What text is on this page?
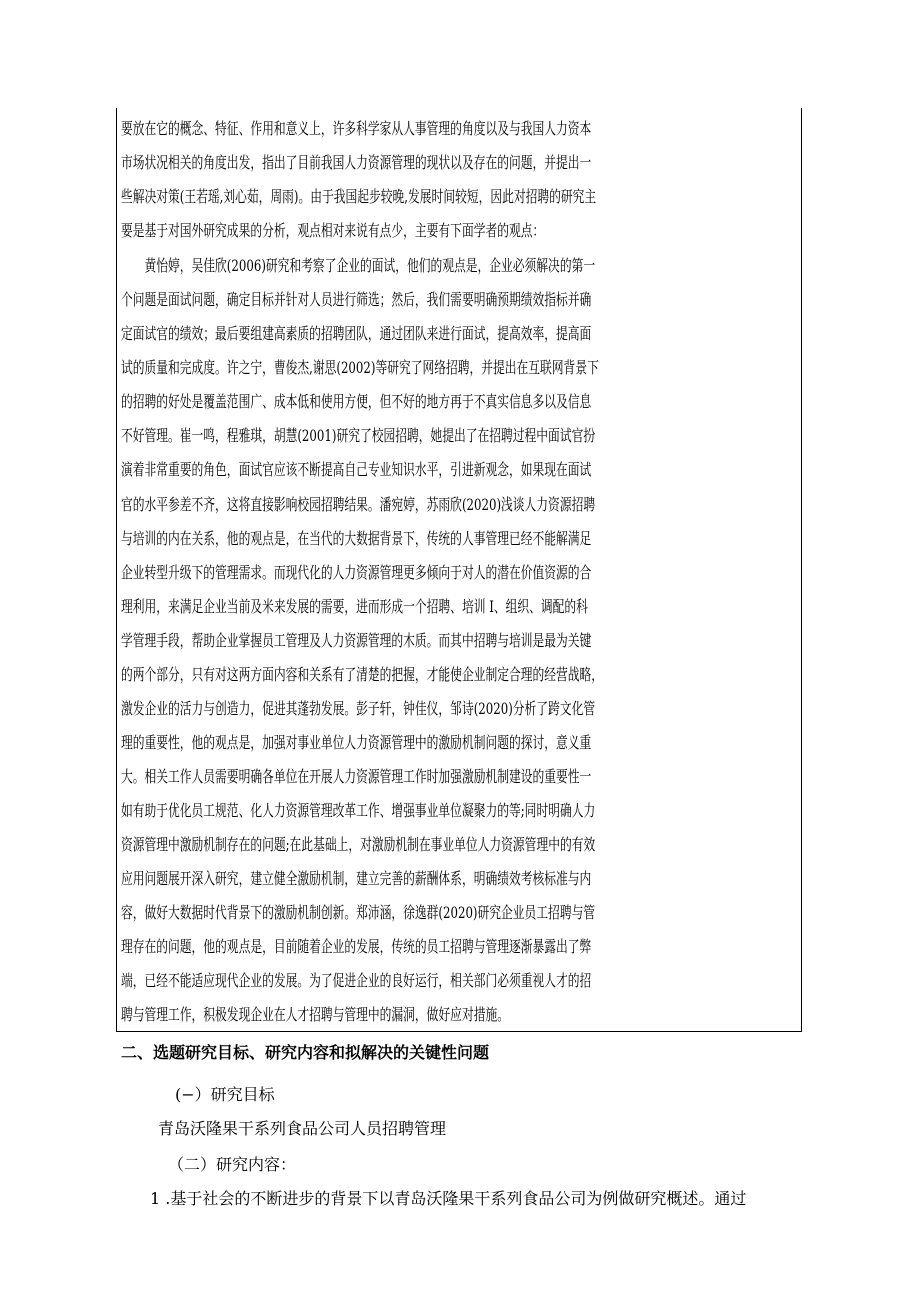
要放在它的概念、特征、作用和意义上，许多科学家从人事管理的角度以及与我国人力资本
市场状况相关的角度出发，指出了目前我国人力资源管理的现状以及存在的问题，并提出一
些解决对策(王若瑶,刘心茹，周雨)。由于我国起步较晚,发展时间较短，因此对招聘的研究主
要是基于对国外研究成果的分析，观点相对来说有点少，主要有下面学者的观点：
　　黄怡婷，吴佳欣(2006)研究和考察了企业的面试，他们的观点是，企业必须解决的第一
个问题是面试问题，确定目标并针对人员进行筛选；然后，我们需要明确预期绩效指标并确
定面试官的绩效；最后要组建高素质的招聘团队，通过团队来进行面试，提高效率，提高面
试的质量和完成度。许之宁，曹俊杰,谢思(2002)等研究了网络招聘，并提出在互联网背景下
的招聘的好处是覆盖范围广、成本低和使用方便，但不好的地方再于不真实信息多以及信息
不好管理。崔一鸣，程雅琪，胡慧(2001)研究了校园招聘，她提出了在招聘过程中面试官扮
演着非常重要的角色，面试官应该不断提高自己专业知识水平，引进新观念，如果现在面试
官的水平参差不齐，这将直接影响校园招聘结果。潘宛婷，苏雨欣(2020)浅谈人力资源招聘
与培训的内在关系，他的观点是，在当代的大数据背景下，传统的人事管理已经不能解满足
企业转型升级下的管理需求。而现代化的人力资源管理更多倾向于对人的潜在价值资源的合
理利用，来满足企业当前及米来发展的需要，进而形成一个招聘、培训 I、组织、调配的科
学管理手段，帮助企业掌握员工管理及人力资源管理的木质。而其中招聘与培训是最为关键
的两个部分，只有对这两方面内容和关系有了清楚的把握，才能使企业制定合理的经营战略，
激发企业的活力与创造力，促进其蓬勃发展。彭子轩，钟佳仪，邹诗(2020)分析了跨文化管
理的重要性，他的观点是，加强对事业单位人力资源管理中的激励机制问题的探讨，意义重
大。相关工作人员需要明确各单位在开展人力资源管理工作时加强激励机制建设的重要性一
如有助于优化员工规范、化人力资源管理改革工作、增强事业单位凝聚力的等;同时明确人力
资源管理中激励机制存在的问题;在此基础上，对激励机制在事业单位人力资源管理中的有效
应用问题展开深入研究，建立健全激励机制，建立完善的薪酬体系，明确绩效考核标准与内
容，做好大数据时代背景下的激励机制创新。郑沛涵，徐逸群(2020)研究企业员工招聘与管
理存在的问题，他的观点是，目前随着企业的发展，传统的员工招聘与管理逐渐暴露出了弊
端，已经不能适应现代企业的发展。为了促进企业的良好运行，相关部门必须重视人才的招
聘与管理工作，积极发现企业在人才招聘与管理中的漏洞，做好应对措施。
二、选题研究目标、研究内容和拟解决的关键性问题
(−）研究目标
青岛沃隆果干系列食品公司人员招聘管理
（二）研究内容：
1 .基于社会的不断进步的背景下以青岛沃隆果干系列食品公司为例做研究概述。通过
